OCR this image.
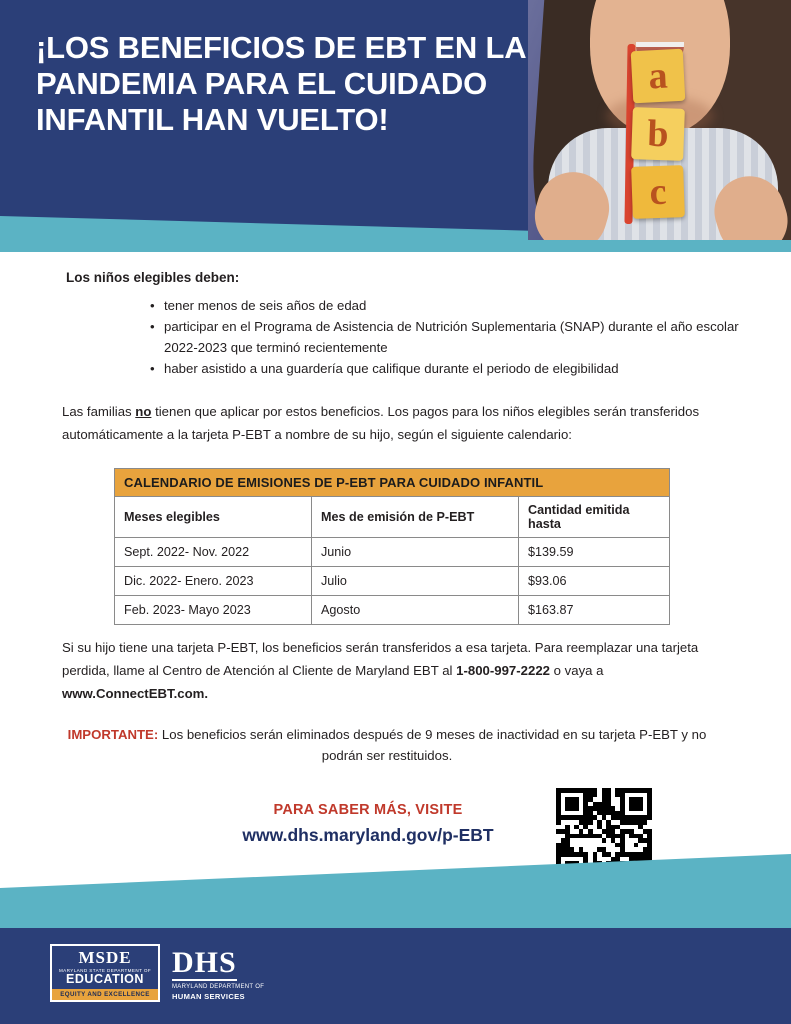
a
b
c
¡LOS BENEFICIOS DE EBT EN LA PANDEMIA PARA EL CUIDADO INFANTIL HAN VUELTO!
Los niños elegibles deben:
• tener menos de seis años de edad
• participar en el Programa de Asistencia de Nutrición Suplementaria (SNAP) durante el año escolar 2022-2023 que terminó recientemente
• haber asistido a una guardería que califique durante el periodo de elegibilidad
Las familias no tienen que aplicar por estos beneficios. Los pagos para los niños elegibles serán transferidos automáticamente a la tarjeta P-EBT a nombre de su hijo, según el siguiente calendario:
CALENDARIO DE EMISIONES DE P-EBT PARA CUIDADO INFANTIL		
Meses elegibles	Mes de emisión de P-EBT	Cantidad emitida hasta
Sept. 2022- Nov. 2022	Junio	$139.59
Dic. 2022- Enero. 2023	Julio	$93.06
Feb. 2023- Mayo 2023	Agosto	$163.87
Si su hijo tiene una tarjeta P-EBT, los beneficios serán transferidos a esa tarjeta. Para reemplazar una tarjeta perdida, llame al Centro de Atención al Cliente de Maryland EBT al 1-800-997-2222 o vaya a www.ConnectEBT.com.
IMPORTANTE: Los beneficios serán eliminados después de 9 meses de inactividad en su tarjeta P-EBT y no podrán ser restituidos.
PARA SABER MÁS, VISITE
www.dhs.maryland.gov/p-EBT
MSDE
MARYLAND STATE DEPARTMENT OF
EDUCATION
EQUITY AND EXCELLENCE
DHS
MARYLAND DEPARTMENT OF
HUMAN SERVICES
